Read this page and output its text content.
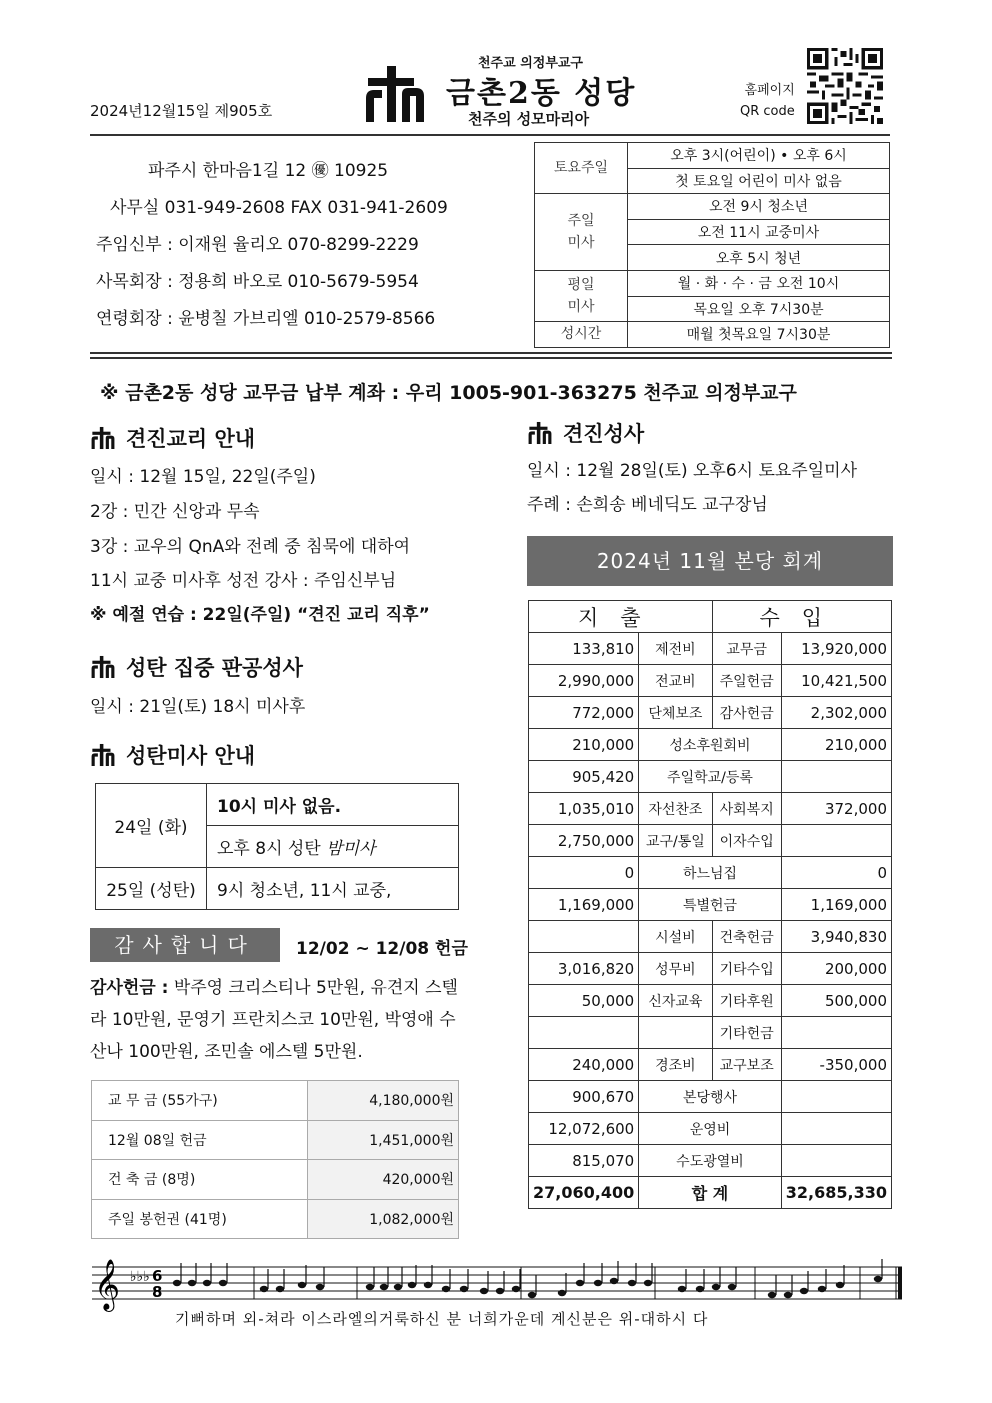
2024년12월15일 제905호
천주교 의정부교구
금촌2동 성당
천주의 성모마리아
홈페이지
QR code
파주시 한마음1길 12 ㊝ 10925
사무실 031-949-2608 FAX 031-941-2609
주임신부 : 이재원 율리오 070-8299-2229
사목회장 : 정용희 바오로 010-5679-5954
연령회장 : 윤병칠 가브리엘 010-2579-8566
토요주일	오후 3시(어린이) • 오후 6시
	첫 토요일 어린이 미사 없음
주일
미사	오전 9시 청소년
	오전 11시 교중미사
	오후 5시 청년
평일
미사	월 · 화 · 수 · 금 오전 10시
	목요일 오후 7시30분
성시간	매월 첫목요일 7시30분
※ 금촌2동 성당 교무금 납부 계좌 : 우리 1005-901-363275 천주교 의정부교구
견진교리 안내
일시 : 12월 15일, 22일(주일)
2강 : 민간 신앙과 무속
3강 : 교우의 QnA와 전례 중 침묵에 대하여
11시 교중 미사후 성전 강사 : 주임신부님
※ 예절 연습 : 22일(주일) “견진 교리 직후”
성탄 집중 판공성사
일시 : 21일(토) 18시 미사후
성탄미사 안내
24일 (화)	10시 미사 없음.
	오후 8시 성탄 밤미사
25일 (성탄)	9시 청소년, 11시 교중,
감사합니다	12/02 ~ 12/08 헌금
감사헌금 : 박주영 크리스티나 5만원, 유견지 스텔라 10만원, 문영기 프란치스코 10만원, 박영애 수산나 100만원, 조민솔 에스텔 5만원.
교 무 금 (55가구)	4,180,000원
12월 08일 헌금	1,451,000원
건 축 금 (8명)	420,000원
주일 봉헌권 (41명)	1,082,000원
견진성사
일시 : 12월 28일(토) 오후6시 토요주일미사
주례 : 손희송 베네딕도 교구장님
2024년 11월 본당 회계
지출		수입	
133,810	제전비	교무금	13,920,000
2,990,000	전교비	주일헌금	10,421,500
772,000	단체보조	감사헌금	2,302,000
210,000	성소후원회비		210,000
905,420	주일학교/등록		
1,035,010	자선찬조	사회복지	372,000
2,750,000	교구/통일	이자수입	
0	하느님집		0
1,169,000	특별헌금		1,169,000
	시설비	건축헌금	3,940,830
3,016,820	성무비	기타수입	200,000
50,000	신자교육	기타후원	500,000
		기타헌금	
240,000	경조비	교구보조	-350,000
900,670	본당행사		
12,072,600	운영비		
815,070	수도광열비		
27,060,400	합 계		32,685,330
𝄞 ♭♭♭ 6
8
기뻐하며 외-쳐라 이스라엘의거룩하신 분 너희가운데 계신분은 위-대하시 다
